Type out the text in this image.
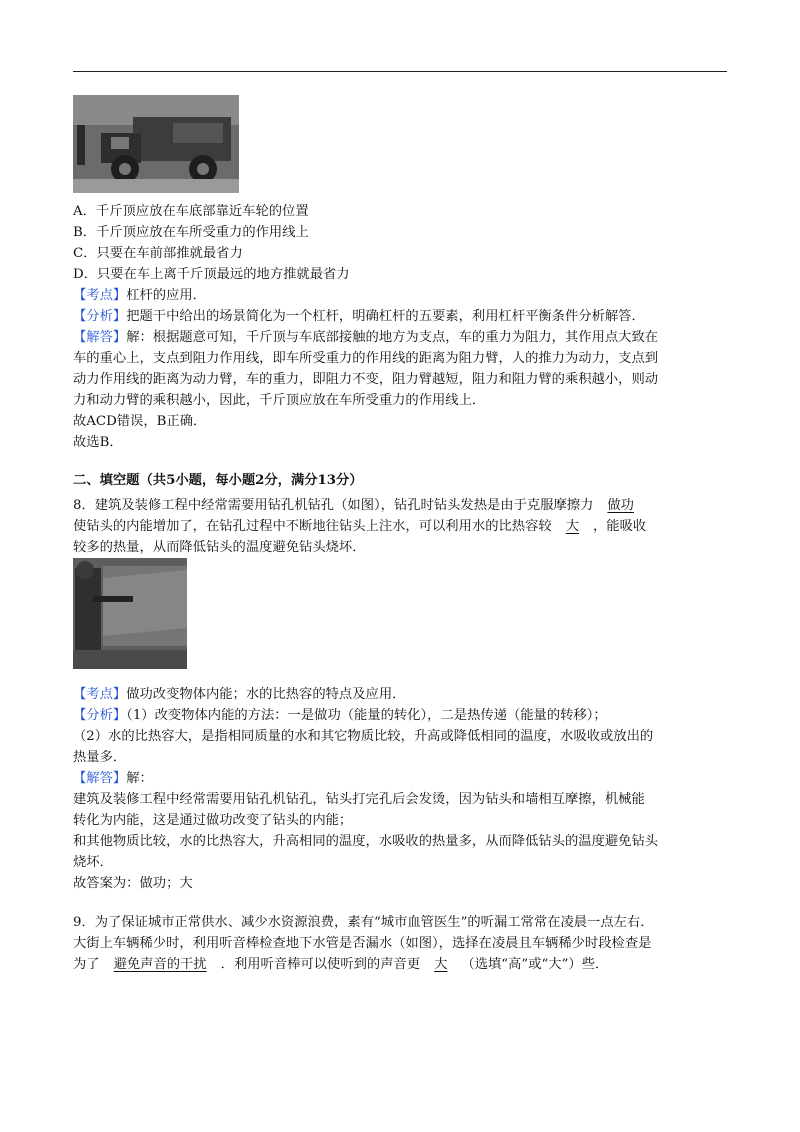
A．千斤顶应放在车底部靠近车轮的位置
B．千斤顶应放在车所受重力的作用线上
C．只要在车前部推就最省力
D．只要在车上离千斤顶最远的地方推就最省力
【考点】杠杆的应用．
【分析】把题干中给出的场景简化为一个杠杆，明确杠杆的五要素，利用杠杆平衡条件分析解答．
【解答】解：根据题意可知，千斤顶与车底部接触的地方为支点，车的重力为阻力，其作用点大致在
车的重心上，支点到阻力作用线，即车所受重力的作用线的距离为阻力臂，人的推力为动力，支点到
动力作用线的距离为动力臂，车的重力，即阻力不变，阻力臂越短，阻力和阻力臂的乘积越小，则动
力和动力臂的乘积越小，因此，千斤顶应放在车所受重力的作用线上．
故ACD错误，B正确．
故选B．
二、填空题（共5小题，每小题2分，满分13分）
8．建筑及装修工程中经常需要用钻孔机钻孔（如图），钻孔时钻头发热是由于克服摩擦力 做功
使钻头的内能增加了，在钻孔过程中不断地往钻头上注水，可以利用水的比热容较 大 ，能吸收
较多的热量，从而降低钻头的温度避免钻头烧坏．
【考点】做功改变物体内能；水的比热容的特点及应用．
【分析】（1）改变物体内能的方法：一是做功（能量的转化），二是热传递（能量的转移）；
（2）水的比热容大，是指相同质量的水和其它物质比较，升高或降低相同的温度，水吸收或放出的
热量多．
【解答】解：
建筑及装修工程中经常需要用钻孔机钻孔，钻头打完孔后会发烫，因为钻头和墙相互摩擦，机械能
转化为内能，这是通过做功改变了钻头的内能；
和其他物质比较，水的比热容大，升高相同的温度，水吸收的热量多，从而降低钻头的温度避免钻头
烧坏．
故答案为：做功；大
9．为了保证城市正常供水、减少水资源浪费，素有“城市血管医生”的听漏工常常在凌晨一点左右．
大街上车辆稀少时，利用听音棒检查地下水管是否漏水（如图），选择在凌晨且车辆稀少时段检查是
为了 避免声音的干扰 ．利用听音棒可以使听到的声音更 大 （选填“高”或“大”）些．
